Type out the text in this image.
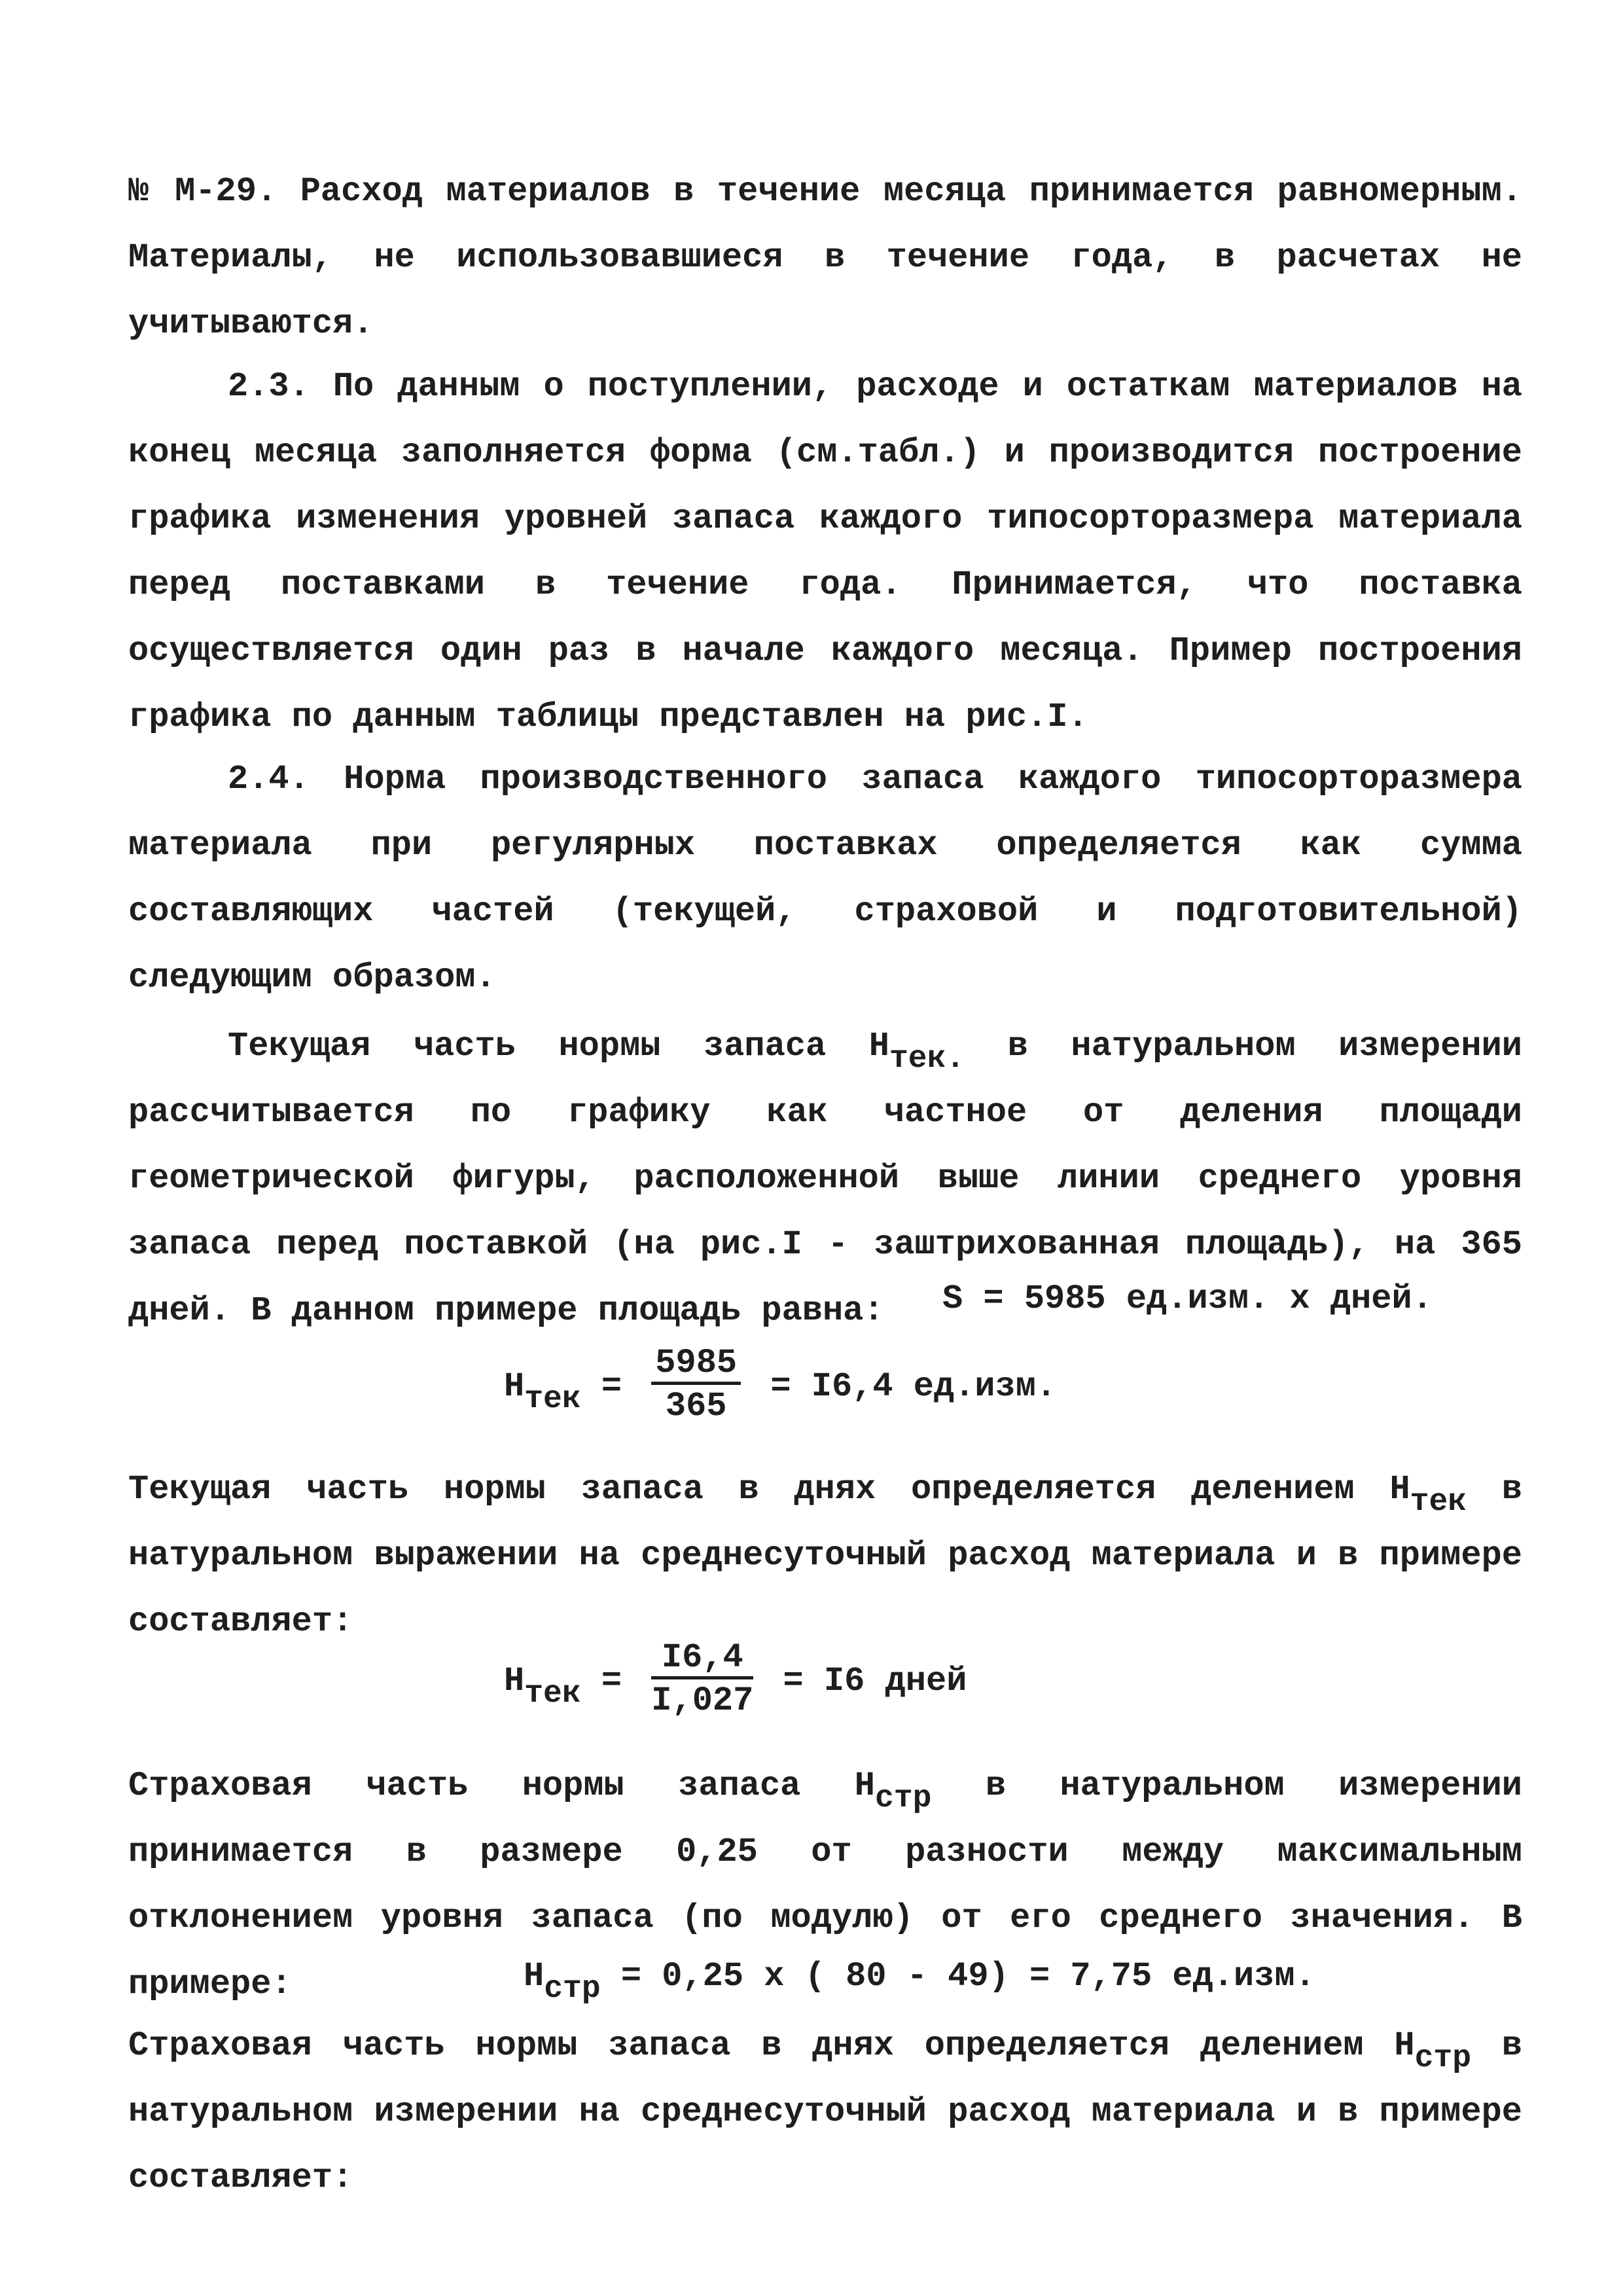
№ М-29. Расход материалов в течение месяца принимается равномерным. Материалы, не использовавшиеся в течение года, в расчетах не учитываются.

2.3. По данным о поступлении, расходе и остаткам материалов на конец месяца заполняется форма (см.табл.) и производится построение графика изменения уровней запаса каждого типосорторазмера материала перед поставками в течение года. Принимается, что поставка осуществляется один раз в начале каждого месяца. Пример построения графика по данным таблицы представлен на рис.I.

2.4. Норма производственного запаса каждого типосорторазмера материала при регулярных поставках определяется как сумма составляющих частей (текущей, страховой и подготовительной) следующим образом.

Текущая часть нормы запаса $Н_{тек.}$ в натуральном измерении рассчитывается по графику как частное от деления площади геометрической фигуры, расположенной выше линии среднего уровня запаса перед поставкой (на рис.I - заштрихованная площадь), на 365 дней. В данном примере площадь равна:	S = 5985 ед.изм. x дней.
$Н_{тек} = \frac{5985}{365} = I6,4$ ед.изм.

Текущая часть нормы запаса в днях определяется делением $Н_{тек}$ в натуральном выражении на среднесуточный расход материала и в примере составляет:

$Н_{тек} = \frac{I6,4}{I,027} = I6$ дней

Страховая часть нормы запаса $Н_{стр}$ в натуральном измерении принимается в размере 0,25 от разности между максимальным отклонением уровня запаса (по модулю) от его среднего значения. В примере:	$Н_{стр} = 0,25$ x ( 80 - 49) = 7,75 ед.изм.

Страховая часть нормы запаса в днях определяется делением $Н_{стр}$ в натуральном измерении на среднесуточный расход материала и в примере составляет:
